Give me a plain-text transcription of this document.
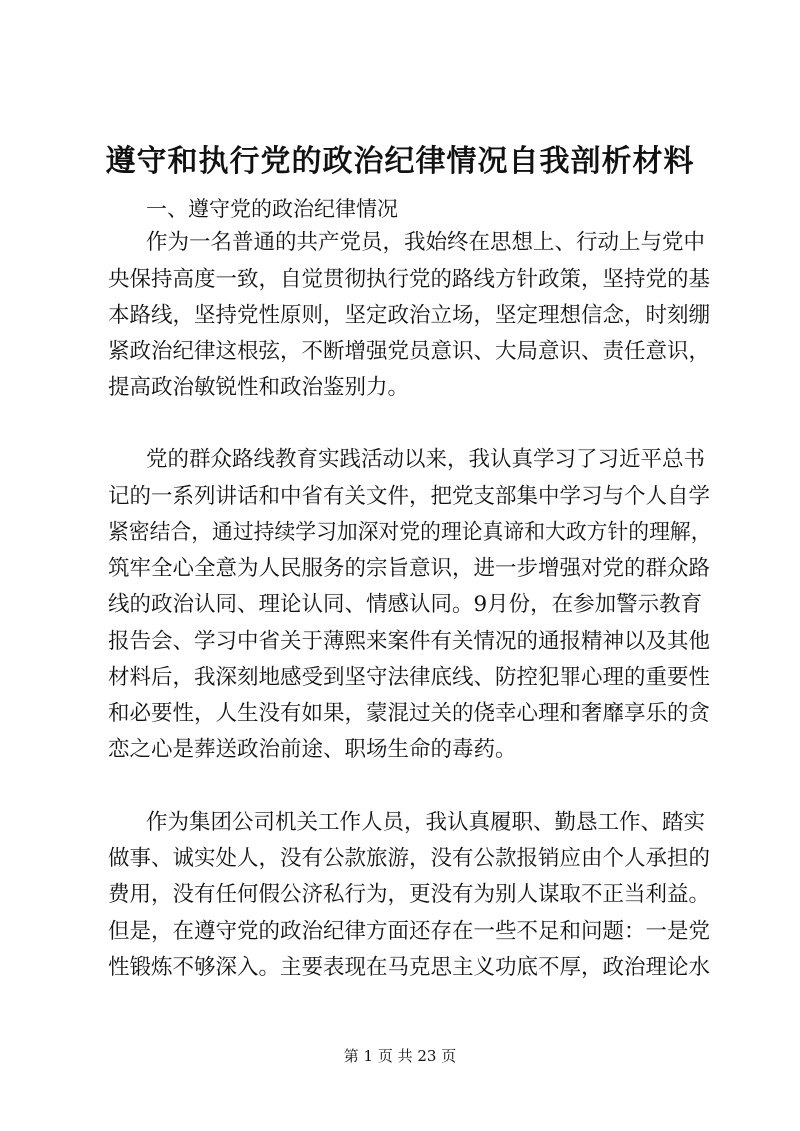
遵守和执行党的政治纪律情况自我剖析材料
一、遵守党的政治纪律情况
作为一名普通的共产党员，我始终在思想上、行动上与党中
央保持高度一致，自觉贯彻执行党的路线方针政策，坚持党的基
本路线，坚持党性原则，坚定政治立场，坚定理想信念，时刻绷
紧政治纪律这根弦，不断增强党员意识、大局意识、责任意识，
提高政治敏锐性和政治鉴别力。
党的群众路线教育实践活动以来，我认真学习了习近平总书
记的一系列讲话和中省有关文件，把党支部集中学习与个人自学
紧密结合，通过持续学习加深对党的理论真谛和大政方针的理解，
筑牢全心全意为人民服务的宗旨意识，进一步增强对党的群众路
线的政治认同、理论认同、情感认同。9月份，在参加警示教育
报告会、学习中省关于薄熙来案件有关情况的通报精神以及其他
材料后，我深刻地感受到坚守法律底线、防控犯罪心理的重要性
和必要性，人生没有如果，蒙混过关的侥幸心理和奢靡享乐的贪
恋之心是葬送政治前途、职场生命的毒药。
作为集团公司机关工作人员，我认真履职、勤恳工作、踏实
做事、诚实处人，没有公款旅游，没有公款报销应由个人承担的
费用，没有任何假公济私行为，更没有为别人谋取不正当利益。
但是，在遵守党的政治纪律方面还存在一些不足和问题：一是党
性锻炼不够深入。主要表现在马克思主义功底不厚，政治理论水
第 1 页 共 23 页
